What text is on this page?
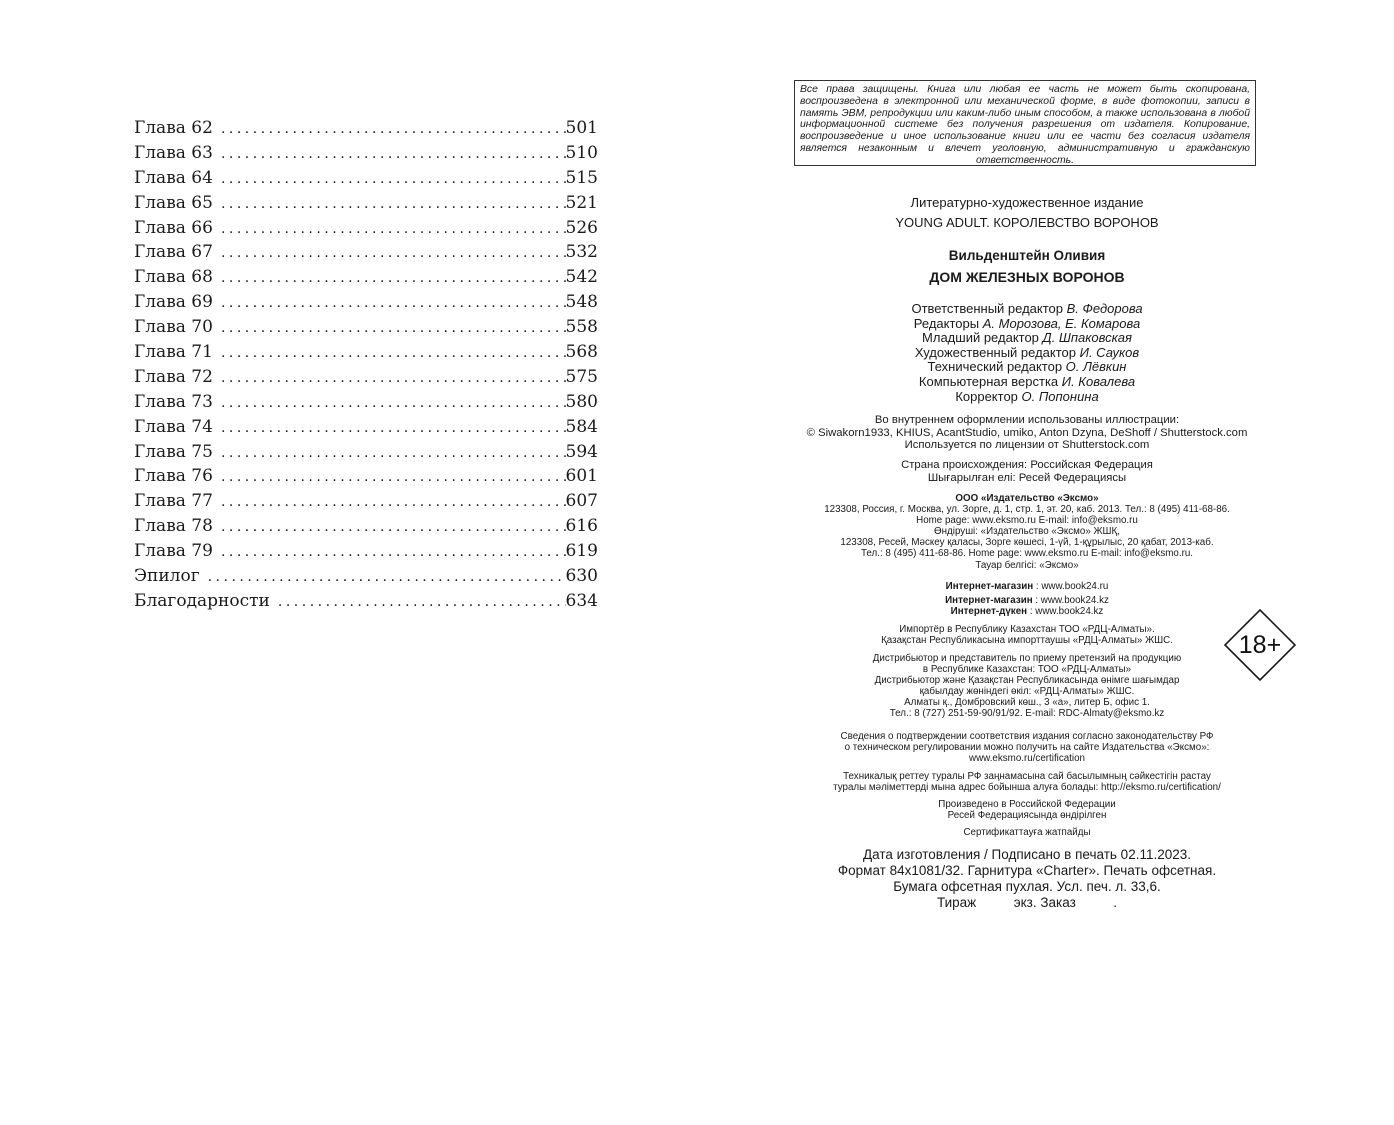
Глава 62 .....	501
Глава 63 .....	510
Глава 64 .....	515
Глава 65 .....	521
Глава 66 .....	526
Глава 67 .....	532
Глава 68 .....	542
Глава 69 .....	548
Глава 70 .....	558
Глава 71 .....	568
Глава 72 .....	575
Глава 73 .....	580
Глава 74 .....	584
Глава 75 .....	594
Глава 76 .....	601
Глава 77 .....	607
Глава 78 .....	616
Глава 79 .....	619
Эпилог .....	630
Благодарности .....	634
Все права защищены. Книга или любая ее часть не может быть скопирована, воспроизведена в электронной или механической форме, в виде фотокопии, записи в память ЭВМ, репродукции или каким-либо иным способом, а также использована в любой информационной системе без получения разрешения от издателя. Копирование, воспроизведение и иное использование книги или ее части без согласия издателя является незаконным и влечет уголовную, административную и гражданскую ответственность.
Литературно-художественное издание
YOUNG ADULT. КОРОЛЕВСТВО ВОРОНОВ
Вильденштейн Оливия
ДОМ ЖЕЛЕЗНЫХ ВОРОНОВ
Ответственный редактор В. Федорова
Редакторы А. Морозова, Е. Комарова
Младший редактор Д. Шпаковская
Художественный редактор И. Сауков
Технический редактор О. Лёвкин
Компьютерная верстка И. Ковалева
Корректор О. Попонина
Во внутреннем оформлении использованы иллюстрации:
© Siwakorn1933, KHIUS, AcantStudio, umiko, Anton Dzyna, DeShoff / Shutterstock.com
Используется по лицензии от Shutterstock.com
Страна происхождения: Российская Федерация
Шығарылған елі: Ресей Федерациясы
ООО «Издательство «Эксмо»
123308, Россия, г. Москва, ул. Зорге, д. 1, стр. 1, эт. 20, каб. 2013. Тел.: 8 (495) 411-68-86.
Home page: www.eksmo.ru E-mail: info@eksmo.ru
Өндіруші: «Издательство «Эксмо» ЖШҚ,
123308, Ресей, Мәскеу қаласы, Зорге көшесі, 1-үй, 1-құрылыс, 20 қабат, 2013-каб.
Тел.: 8 (495) 411-68-86. Home page: www.eksmo.ru E-mail: info@eksmo.ru.
Тауар белгісі: «Эксмо»
Интернет-магазин : www.book24.ru
Интернет-магазин : www.book24.kz
Интернет-дүкен : www.book24.kz
Импортёр в Республику Казахстан ТОО «РДЦ-Алматы».
Қазақстан Республикасына импорттаушы «РДЦ-Алматы» ЖШС.
Дистрибьютор и представитель по приему претензий на продукцию
в Республике Казахстан: ТОО «РДЦ-Алматы»
Дистрибьютор және Қазақстан Республикасында өнімге шағымдар
қабылдау жөніндегі өкіл: «РДЦ-Алматы» ЖШС.
Алматы қ., Домбровский көш., 3 «а», литер Б, офис 1.
Тел.: 8 (727) 251-59-90/91/92. E-mail: RDC-Almaty@eksmo.kz
Сведения о подтверждении соответствия издания согласно законодательству РФ
о техническом регулировании можно получить на сайте Издательства «Эксмо»:
www.eksmo.ru/certification
Техникалық реттеу туралы РФ заңнамасына сай басылымның сәйкестігін растау
туралы мәліметтерді мына адрес бойынша алуға болады: http://eksmo.ru/certification/
Произведено в Российской Федерации
Ресей Федерациясында өндірілген
Сертификаттауға жатпайды
Дата изготовления / Подписано в печать 02.11.2023.
Формат 84x1081/32. Гарнитура «Charter». Печать офсетная.
Бумага офсетная пухлая. Усл. печ. л. 33,6.
Тираж          экз. Заказ          .
18+
